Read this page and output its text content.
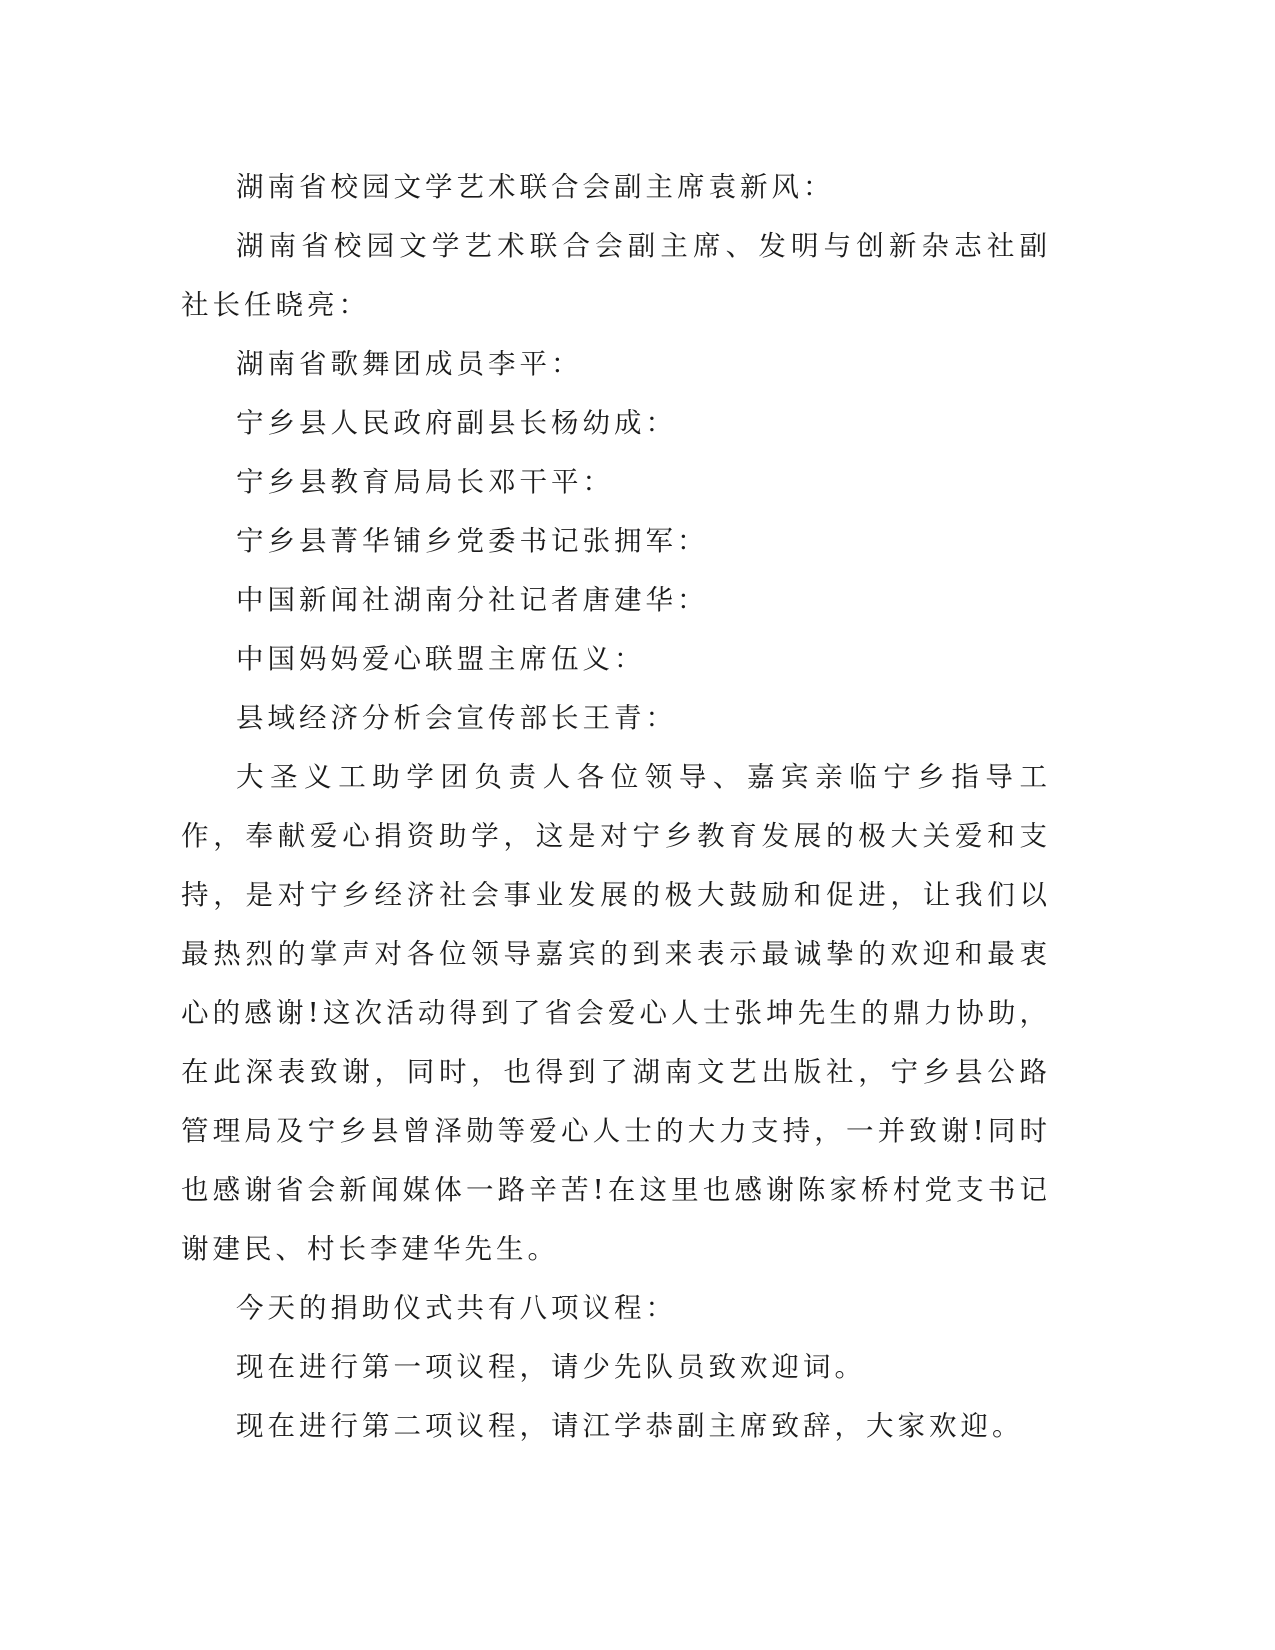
湖南省校园文学艺术联合会副主席袁新风：

湖南省校园文学艺术联合会副主席、发明与创新杂志社副社长任晓亮：

湖南省歌舞团成员李平：

宁乡县人民政府副县长杨幼成：

宁乡县教育局局长邓干平：

宁乡县菁华铺乡党委书记张拥军：

中国新闻社湖南分社记者唐建华：

中国妈妈爱心联盟主席伍义：

县域经济分析会宣传部长王青：

大圣义工助学团负责人各位领导、嘉宾亲临宁乡指导工作，奉献爱心捐资助学，这是对宁乡教育发展的极大关爱和支持，是对宁乡经济社会事业发展的极大鼓励和促进，让我们以最热烈的掌声对各位领导嘉宾的到来表示最诚挚的欢迎和最衷心的感谢!这次活动得到了省会爱心人士张坤先生的鼎力协助，在此深表致谢，同时，也得到了湖南文艺出版社，宁乡县公路管理局及宁乡县曾泽勋等爱心人士的大力支持，一并致谢!同时也感谢省会新闻媒体一路辛苦!在这里也感谢陈家桥村党支书记谢建民、村长李建华先生。

今天的捐助仪式共有八项议程：

现在进行第一项议程，请少先队员致欢迎词。

现在进行第二项议程，请江学恭副主席致辞，大家欢迎。
